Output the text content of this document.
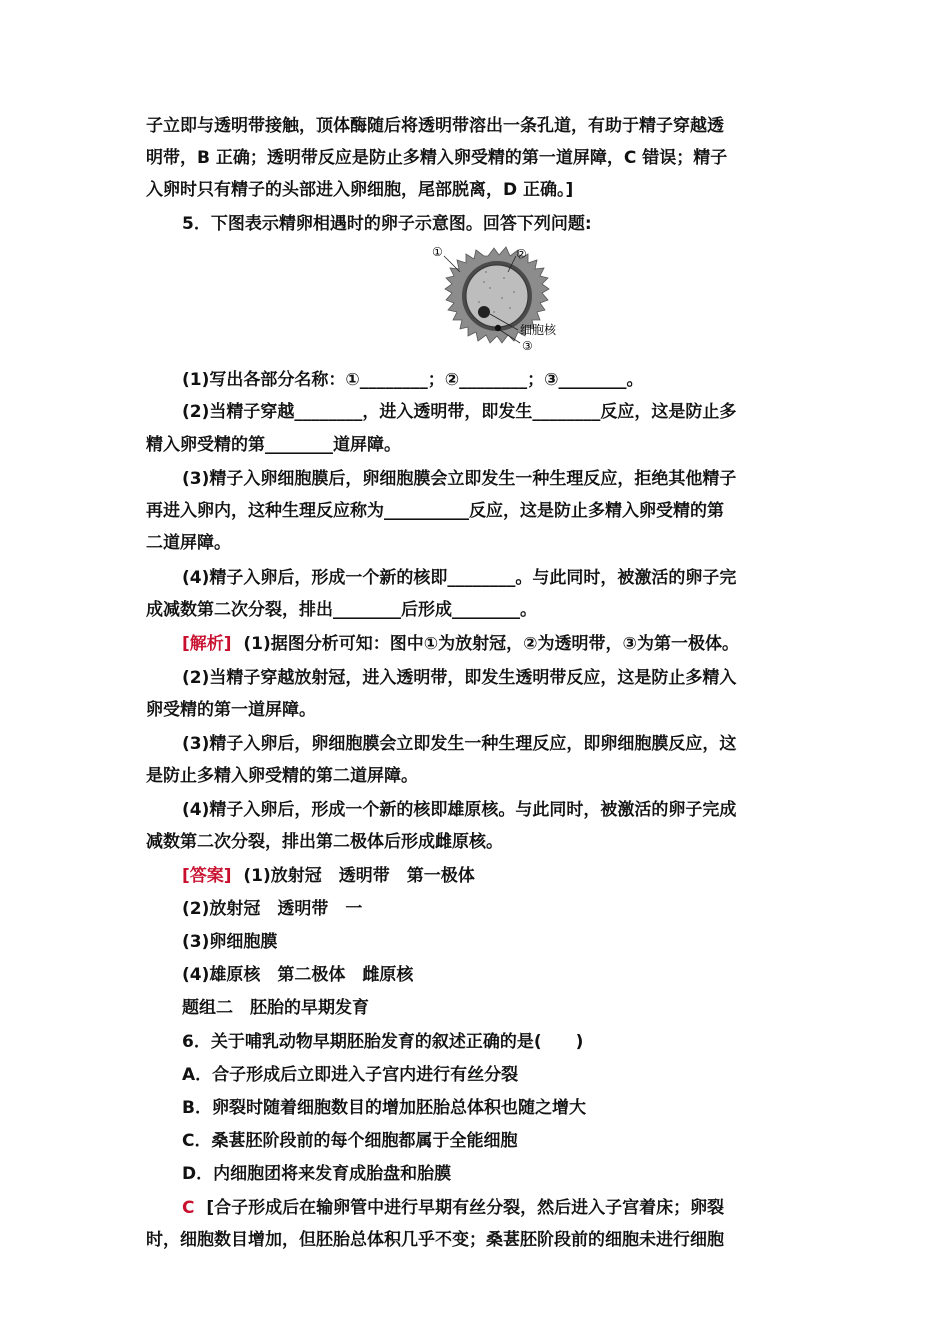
子立即与透明带接触，顶体酶随后将透明带溶出一条孔道，有助于精子穿越透
明带，B 正确；透明带反应是防止多精入卵受精的第一道屏障，C 错误；精子
入卵时只有精子的头部进入卵细胞，尾部脱离，D 正确。]
5．下图表示精卵相遇时的卵子示意图。回答下列问题:
①	②
细胞核
③
(1)写出各部分名称：①________；②________；③________。
(2)当精子穿越________，进入透明带，即发生________反应，这是防止多
精入卵受精的第________道屏障。
(3)精子入卵细胞膜后，卵细胞膜会立即发生一种生理反应，拒绝其他精子
再进入卵内，这种生理反应称为__________反应，这是防止多精入卵受精的第
二道屏障。
(4)精子入卵后，形成一个新的核即________。与此同时，被激活的卵子完
成减数第二次分裂，排出________后形成________。
[解析] (1)据图分析可知：图中①为放射冠，②为透明带，③为第一极体。
(2)当精子穿越放射冠，进入透明带，即发生透明带反应，这是防止多精入
卵受精的第一道屏障。
(3)精子入卵后，卵细胞膜会立即发生一种生理反应，即卵细胞膜反应，这
是防止多精入卵受精的第二道屏障。
(4)精子入卵后，形成一个新的核即雄原核。与此同时，被激活的卵子完成
减数第二次分裂，排出第二极体后形成雌原核。
[答案] (1)放射冠　透明带　第一极体
(2)放射冠　透明带　一
(3)卵细胞膜
(4)雄原核　第二极体　雌原核
题组二　胚胎的早期发育
6．关于哺乳动物早期胚胎发育的叙述正确的是(　　)
A．合子形成后立即进入子宫内进行有丝分裂
B．卵裂时随着细胞数目的增加胚胎总体积也随之增大
C．桑葚胚阶段前的每个细胞都属于全能细胞
D．内细胞团将来发育成胎盘和胎膜
C [合子形成后在输卵管中进行早期有丝分裂，然后进入子宫着床；卵裂
时，细胞数目增加，但胚胎总体积几乎不变；桑葚胚阶段前的细胞未进行细胞
